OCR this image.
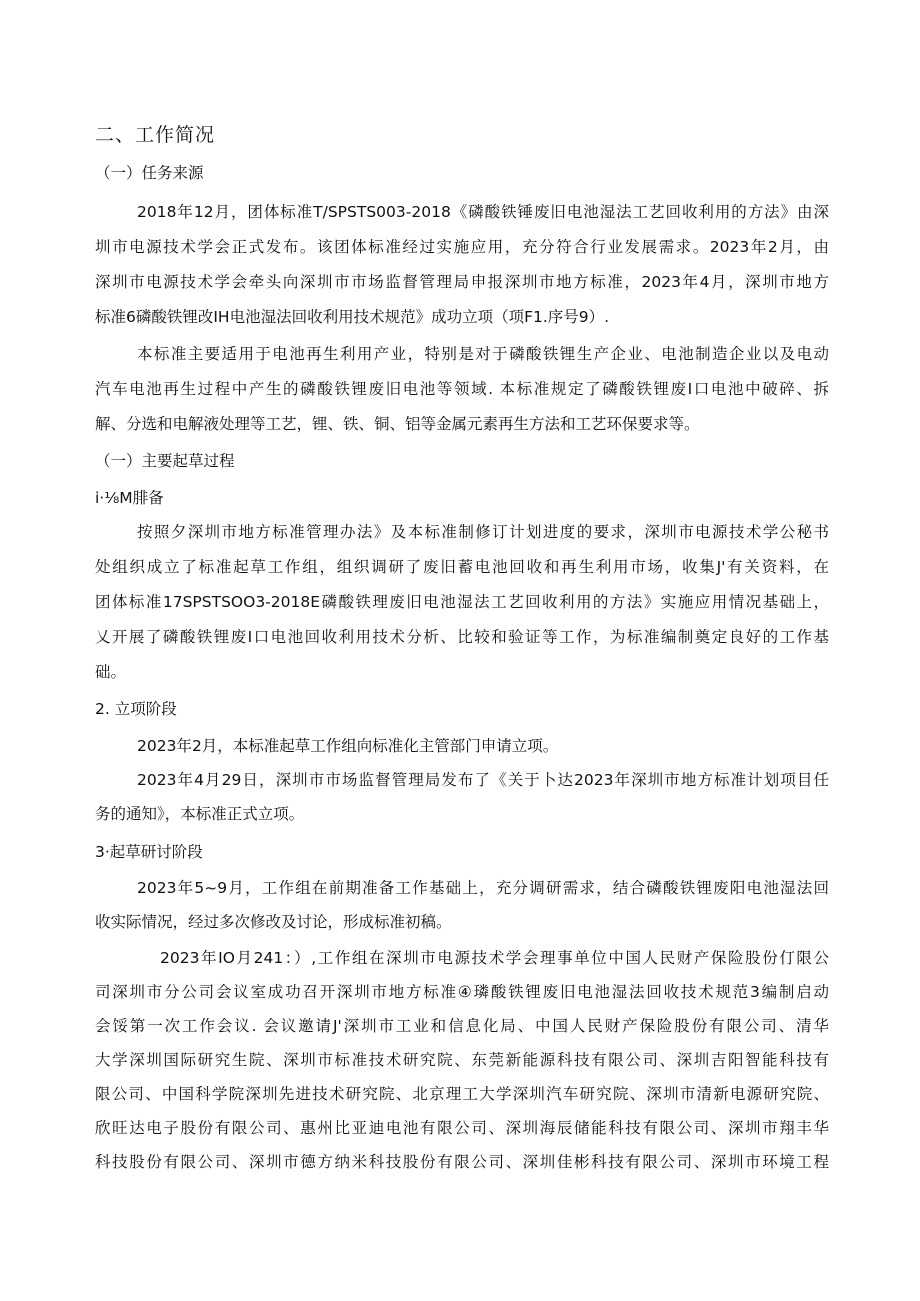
二、工作简况
（一）任务来源
2018年12月，团体标准T/SPSTS003-2018《磷酸铁锤废旧电池湿法工艺回收利用的方法》由深
圳市电源技术学会正式发布。该团体标准经过实施应用，充分符合行业发展需求。2023年2月，由
深圳市电源技术学会牵头向深圳市市场监督管理局申报深圳市地方标准，2023年4月，深圳市地方
标准6磷酸铁锂改IH电池湿法回收利用技术规范》成功立项（项F1.序号9）.
本标准主要适用于电池再生利用产业，特别是对于磷酸铁锂生产企业、电池制造企业以及电动
汽车电池再生过程中产生的磷酸铁锂废旧电池等领域. 本标准规定了磷酸铁锂废I口电池中破碎、拆
解、分选和电解液处理等工艺，锂、铁、铜、铝等金属元素再生方法和工艺环保要求等。
（一）主要起草过程
i·⅛M腓备
按照夕深圳市地方标准管理办法》及本标准制修订计划进度的要求，深圳市电源技术学公秘书
处组织成立了标准起草工作组，组织调研了废旧蓄电池回收和再生利用市场，收集J'有关资料，在
团体标准17SPSTSOO3-2018E磷酸铁理废旧电池湿法工艺回收利用的方法》实施应用情况基础上，
乂开展了磷酸铁锂废I口电池回收利用技术分析、比较和验证等工作，为标准编制奠定良好的工作基
础。
2. 立项阶段
2023年2月，本标准起草工作组向标准化主管部门申请立项。
2023年4月29日，深圳市市场监督管理局发布了《关于卜达2023年深圳市地方标准计划项目任
务的通知》，本标准正式立项。
3·起草研讨阶段
2023年5~9月，工作组在前期准备工作基础上，充分调研需求，结合磷酸铁锂废阳电池湿法回
收实际情况，经过多次修改及讨论，形成标准初稿。
2023年IO月241：）,工作组在深圳市电源技术学会理事单位中国人民财产保险股份仃限公
司深圳市分公司会议室成功召开深圳市地方标准④璘酸铁锂废旧电池湿法回收技术规范3编制启动
会馁第一次工作会议. 会议邀请J'深圳市工业和信息化局、中国人民财产保险股份有限公司、清华
大学深圳国际研究生院、深圳市标准技术研究院、东莞新能源科技有限公司、深圳吉阳智能科技有
限公司、中国科学院深圳先进技术研究院、北京理工大学深圳汽车研究院、深圳市清新电源研究院、
欣旺达电子股份有限公司、惠州比亚迪电池有限公司、深圳海辰储能科技有限公司、深圳市翔丰华
科技股份有限公司、深圳市德方纳米科技股份有限公司、深圳佳彬科技有限公司、深圳市环境工程
